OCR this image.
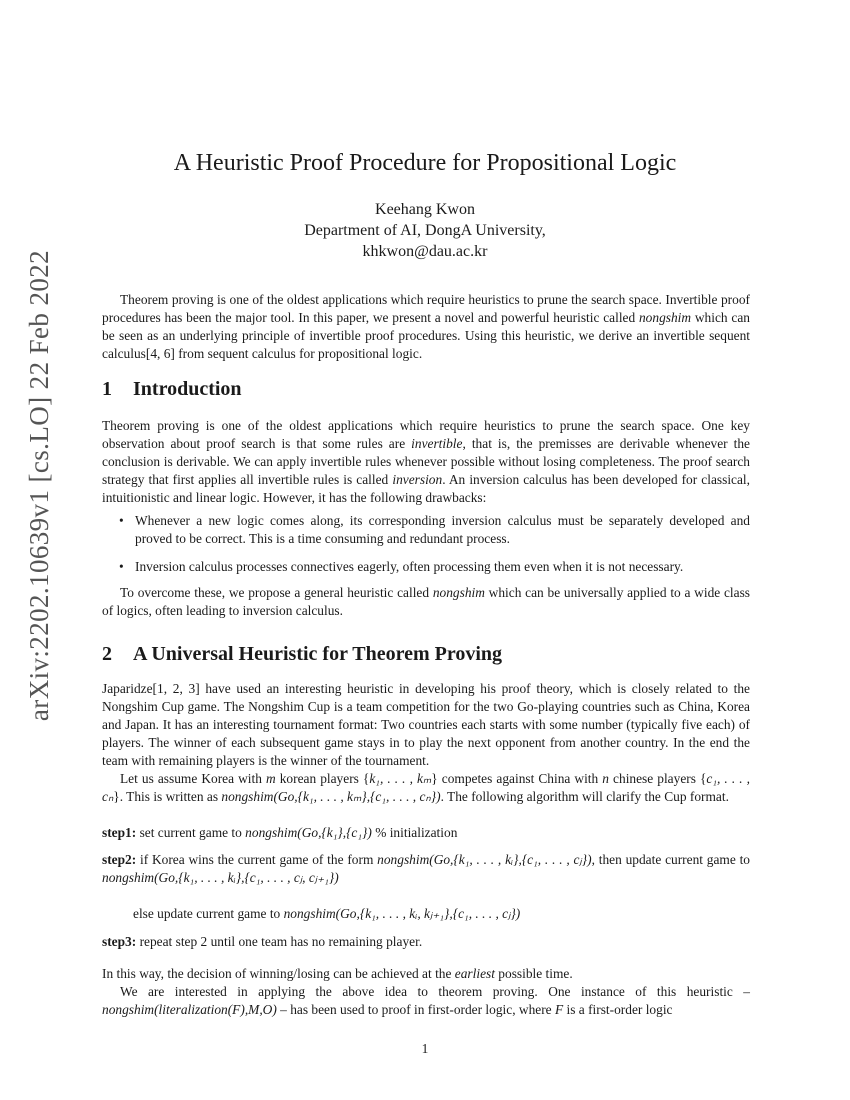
arXiv:2202.10639v1 [cs.LO] 22 Feb 2022
A Heuristic Proof Procedure for Propositional Logic
Keehang Kwon
Department of AI, DongA University,
khkwon@dau.ac.kr
Theorem proving is one of the oldest applications which require heuristics to prune the search space. Invertible proof procedures has been the major tool. In this paper, we present a novel and powerful heuristic called nongshim which can be seen as an underlying principle of invertible proof procedures. Using this heuristic, we derive an invertible sequent calculus[4, 6] from sequent calculus for propositional logic.
1 Introduction
Theorem proving is one of the oldest applications which require heuristics to prune the search space. One key observation about proof search is that some rules are invertible, that is, the premisses are derivable whenever the conclusion is derivable. We can apply invertible rules whenever possible without losing completeness. The proof search strategy that first applies all invertible rules is called inversion. An inversion calculus has been developed for classical, intuitionistic and linear logic. However, it has the following drawbacks:
• Whenever a new logic comes along, its corresponding inversion calculus must be separately developed and proved to be correct. This is a time consuming and redundant process.
• Inversion calculus processes connectives eagerly, often processing them even when it is not necessary.
To overcome these, we propose a general heuristic called nongshim which can be universally applied to a wide class of logics, often leading to inversion calculus.
2 A Universal Heuristic for Theorem Proving
Japaridze[1, 2, 3] have used an interesting heuristic in developing his proof theory, which is closely related to the Nongshim Cup game. The Nongshim Cup is a team competition for the two Go-playing countries such as China, Korea and Japan. It has an interesting tournament format: Two countries each starts with some number (typically five each) of players. The winner of each subsequent game stays in to play the next opponent from another country. In the end the team with remaining players is the winner of the tournament.
Let us assume Korea with m korean players {k₁, . . . , kₘ} competes against China with n chinese players {c₁, . . . , cₙ}. This is written as nongshim(Go,{k₁, . . . , kₘ},{c₁, . . . , cₙ}). The following algorithm will clarify the Cup format.
step1: set current game to nongshim(Go,{k₁},{c₁}) % initialization
step2: if Korea wins the current game of the form nongshim(Go,{k₁, . . . , kᵢ},{c₁, . . . , cⱼ}), then update current game to nongshim(Go,{k₁, . . . , kᵢ},{c₁, . . . , cⱼ, cⱼ₊₁})
else update current game to nongshim(Go,{k₁, . . . , kᵢ, kⱼ₊₁},{c₁, . . . , cⱼ})
step3: repeat step 2 until one team has no remaining player.
In this way, the decision of winning/losing can be achieved at the earliest possible time.
We are interested in applying the above idea to theorem proving. One instance of this heuristic – nongshim(literalization(F),M,O) – has been used to proof in first-order logic, where F is a first-order logic
1
